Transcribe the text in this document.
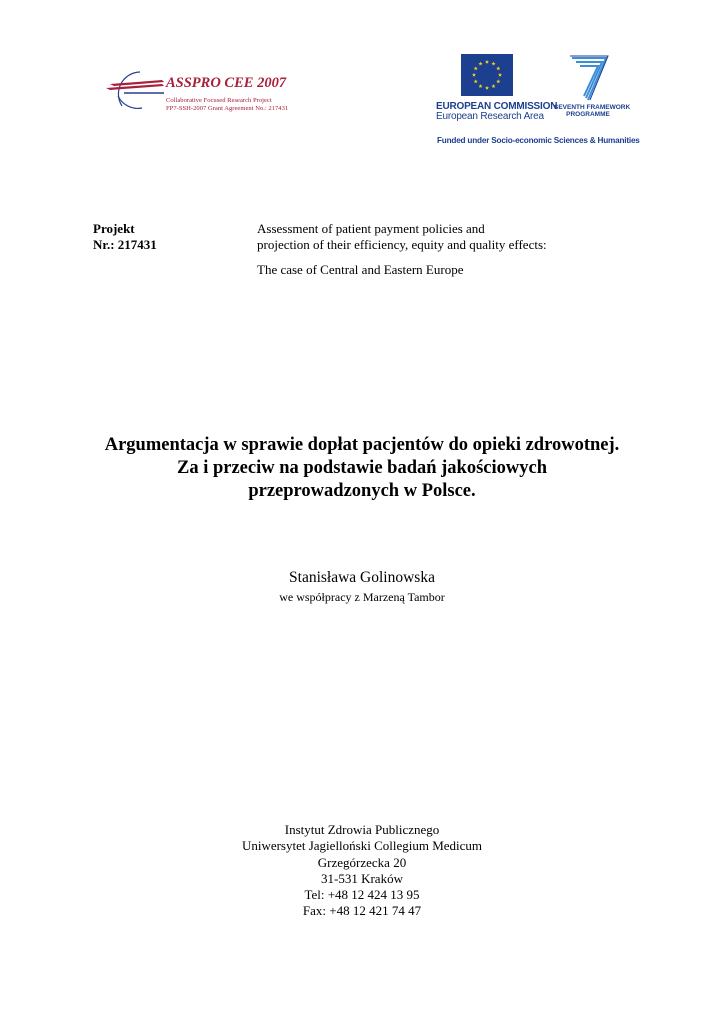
ASSPRO CEE 2007
Collaborative Focused Research Project
FP7-SSH-2007 Grant Agreement No.: 217431	EUROPEAN COMMISSION
European Research Area
SEVENTH FRAMEWORK
PROGRAMME
Funded under Socio-economic Sciences & Humanities
Projekt
Nr.: 217431
Assessment of patient payment policies and
projection of their efficiency, equity and quality effects:
The case of Central and Eastern Europe
Argumentacja w sprawie dopłat pacjentów do opieki zdrowotnej.
Za i przeciw na podstawie badań jakościowych
przeprowadzonych w Polsce.
Stanisława Golinowska
we współpracy z Marzeną Tambor
Instytut Zdrowia Publicznego
Uniwersytet Jagielloński Collegium Medicum
Grzegórzecka 20
31-531 Kraków
Tel: +48 12 424 13 95
Fax: +48 12 421 74 47
